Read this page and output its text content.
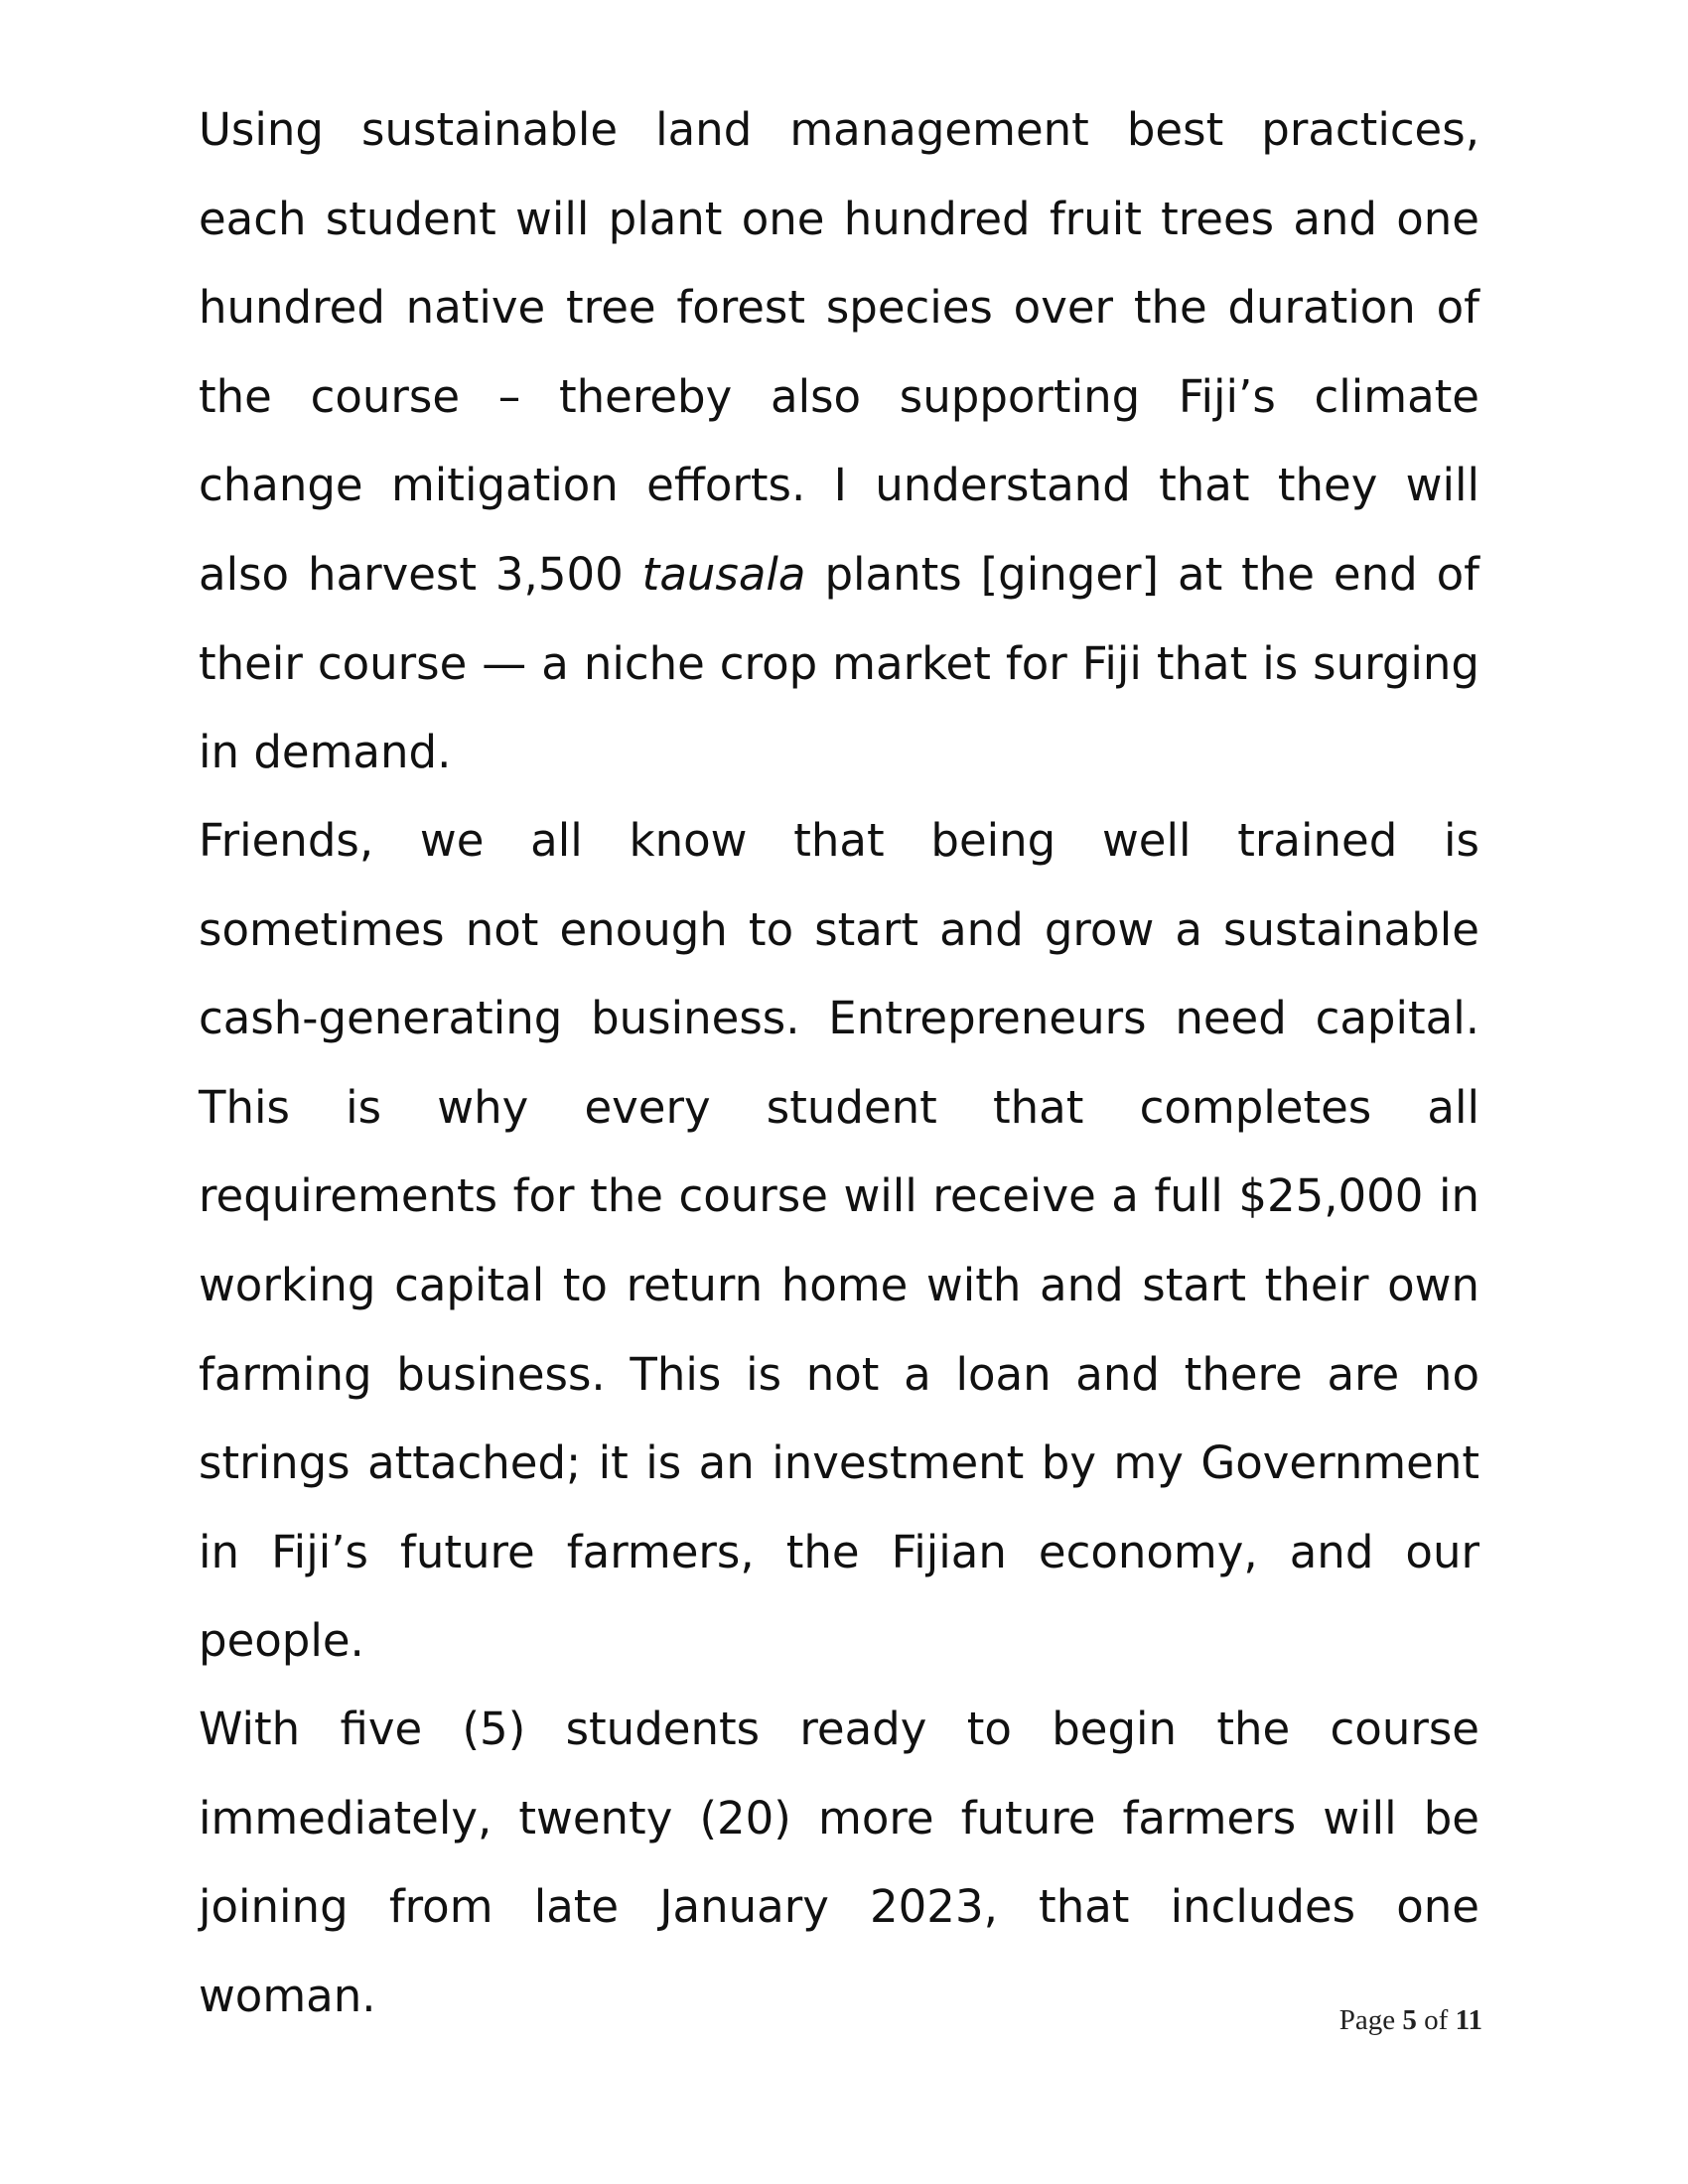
Using sustainable land management best practices, each student will plant one hundred fruit trees and one hundred native tree forest species over the duration of the course – thereby also supporting Fiji’s climate change mitigation efforts. I understand that they will also harvest 3,500 tausala plants [ginger] at the end of their course — a niche crop market for Fiji that is surging in demand.

Friends, we all know that being well trained is sometimes not enough to start and grow a sustainable cash-generating business. Entrepreneurs need capital. This is why every student that completes all requirements for the course will receive a full $25,000 in working capital to return home with and start their own farming business. This is not a loan and there are no strings attached; it is an investment by my Government in Fiji’s future farmers, the Fijian economy, and our people.

With five (5) students ready to begin the course immediately, twenty (20) more future farmers will be joining from late January 2023, that includes one woman.	Page 5 of 11
